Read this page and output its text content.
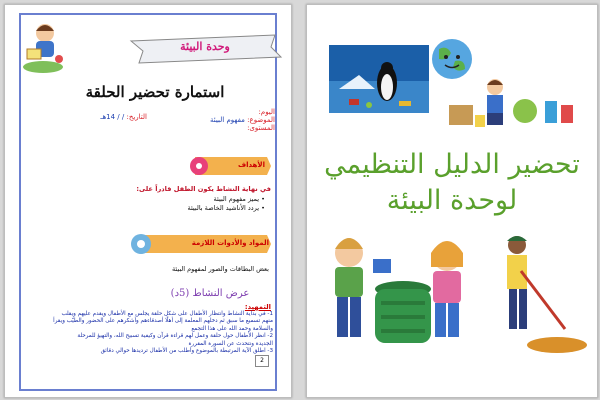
وحدة البيئة
استمارة تحضير الحلقة
اليوم:
الموضوع: مفهوم البيئة
المستوى:
التاريخ: / / 14هـ
الأهداف
في نهاية النشاط يكون الطفل قادراً على:
• يميز مفهوم البيئة
• يردد الأناشيد الخاصة بالبيئة
المواد والأدوات اللازمة
بعض البطاقات والصور لمفهوم البيئة
عرض النشاط (5د)
التمهيد:
1- في بداية النشاط وانتظار الأطفال على شكل حلقة يجلس مع الأطفال ويقدم عليهم ويقلب
منهم تسميع ما سبق ثم دخلهم المعلمة إلى أهلًا أصدقاءهم وأشكرهم على الحضور والطيّب ويقرأ
والسلامة وحمد الله على هذا التجمع
2- انظر الأطفال حول حلقة وعمل لهم قراءة قرآن وكيفية تسبيح الله، والتهيؤ للمرحلة
الجديدة ونتحدث عن السورة المقررة
3- اطلق الآية المرتبطة بالموضوع وأطلب من الأطفال ترديدها حوالي دقائق
2
تحضير الدليل التنظيمي
لوحدة البيئة
